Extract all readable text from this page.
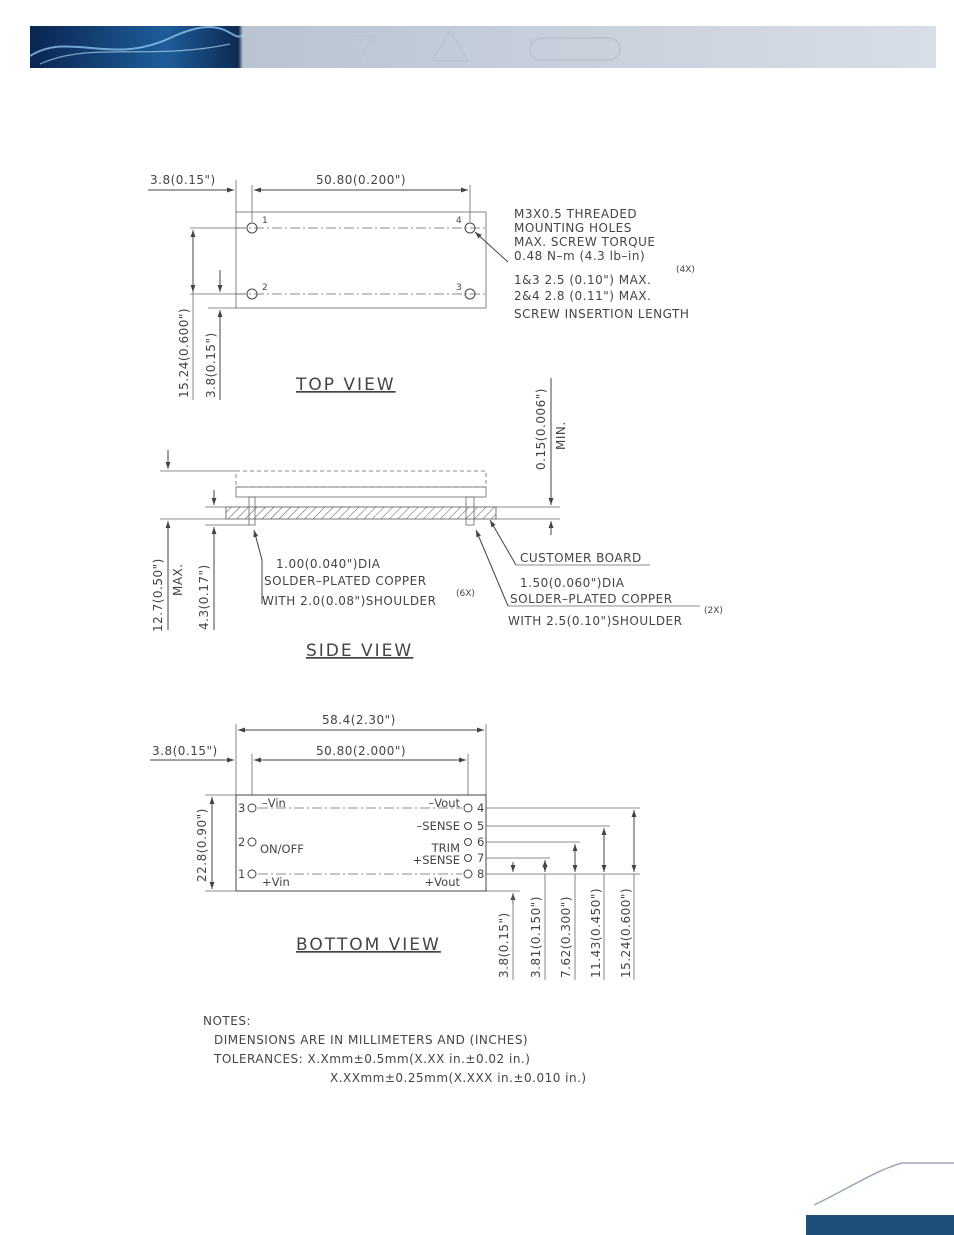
1	4
2	3
3.8(0.15")	50.80(0.200")
15.24(0.600") 3.8(0.15")
M3X0.5 THREADED
MOUNTING HOLES
MAX. SCREW TORQUE
0.48 N–m (4.3 lb–in)
(4X)
1&3 2.5 (0.10") MAX.
2&4 2.8 (0.11") MAX.
SCREW INSERTION LENGTH
TOP VIEW
12.7(0.50") MAX. 4.3(0.17")
0.15(0.006") MIN.
CUSTOMER BOARD
1.00(0.040")DIA
SOLDER–PLATED COPPER
WITH 2.0(0.08")SHOULDER (6X)
1.50(0.060")DIA
SOLDER–PLATED COPPER
WITH 2.5(0.10")SHOULDER
(2X)
SIDE VIEW
58.4(2.30")
3.8(0.15")	50.80(2.000")
22.8(0.90")
3
2
1
–Vin
ON/OFF
+Vin
4
5
6
7
8
–Vout
–SENSE
TRIM
+SENSE
+Vout
3.8(0.15") 3.81(0.150") 7.62(0.300") 11.43(0.450") 15.24(0.600")
BOTTOM VIEW
NOTES:
DIMENSIONS ARE IN MILLIMETERS AND (INCHES)
TOLERANCES: X.Xmm±0.5mm(X.XX in.±0.02 in.)
X.XXmm±0.25mm(X.XXX in.±0.010 in.)
